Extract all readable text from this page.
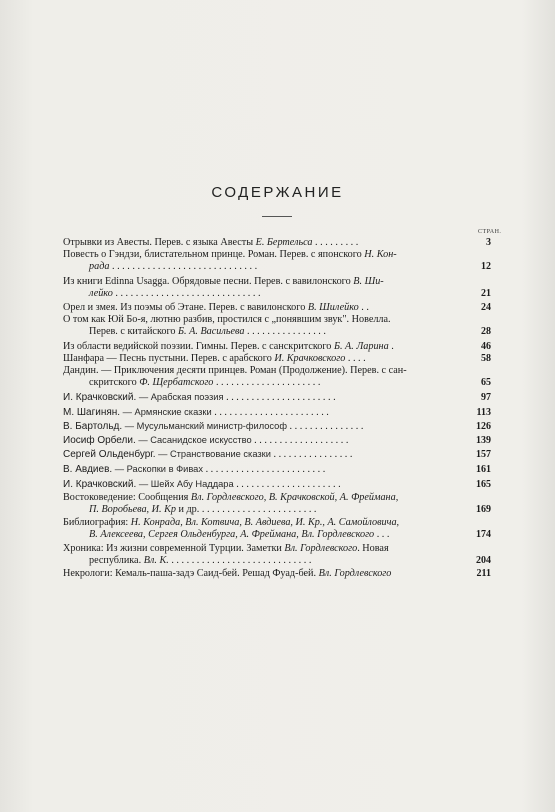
СОДЕРЖАНИЕ
СТРАН.
Отрывки из Авесты. Перев. с языка Авесты Е. Бертельса . . . . . . . . .	3
Повесть о Гэндзи, блистательном принце. Роман. Перев. с японского Н. Кон-
рада . . . . . . . . . . . . . . . . . . . . . . . . . . . . .	12
Из книги Edinna Usagga. Обрядовые песни. Перев. с вавилонского В. Ши-
лейко . . . . . . . . . . . . . . . . . . . . . . . . . . . . .	21
Орел и змея. Из поэмы об Этане. Перев. с вавилонского В. Шилейко . .	24
О том как Юй Бо-я, лютню разбив, простился с „понявшим звук". Новелла.
Перев. с китайского Б. А. Васильева . . . . . . . . . . . . . . . .	28
Из области ведийской поэзии. Гимны. Перев. с санскритского Б. А. Ларина .	46
Шанфара — Песнь пустыни. Перев. с арабского И. Крачковского . . . .	58
Дандин. — Приключения десяти принцев. Роман (Продолжение). Перев. с сан-
скритского Ф. Щербатского . . . . . . . . . . . . . . . . . . . . .	65
И. Крачковский. — Арабская поэзия . . . . . . . . . . . . . . . . . . . . . .	97
М. Шагинян. — Армянские сказки . . . . . . . . . . . . . . . . . . . . . . .	113
В. Бартольд. — Мусульманский министр-философ . . . . . . . . . . . . . . .	126
Иосиф Орбели. — Сасанидское искусство . . . . . . . . . . . . . . . . . . .	139
Сергей Ольденбург. — Странствование сказки . . . . . . . . . . . . . . . .	157
В. Авдиев. — Раскопки в Фивах . . . . . . . . . . . . . . . . . . . . . . . .	161
И. Крачковский. — Шейх Абу Наддара . . . . . . . . . . . . . . . . . . . . .	165
Востоковедение: Сообщения Вл. Гордлевского, В. Крачковской, А. Фреймана,
П. Воробьева, И. Кр и др. . . . . . . . . . . . . . . . . . . . . . . .	169
Библиография: Н. Конрада, Вл. Котвича, В. Авдиева, И. Кр., А. Самойловича,
В. Алексеева, Сергея Ольденбурга, А. Фреймана, Вл. Гордлевского . . .	174
Хроника: Из жизни современной Турции. Заметки Вл. Гордлевского. Новая
республика. Вл. К. . . . . . . . . . . . . . . . . . . . . . . . . . . . .	204
Некрологи: Кемаль-паша-задэ Саид-бей. Решад Фуад-бей. Вл. Гордлевского	211
